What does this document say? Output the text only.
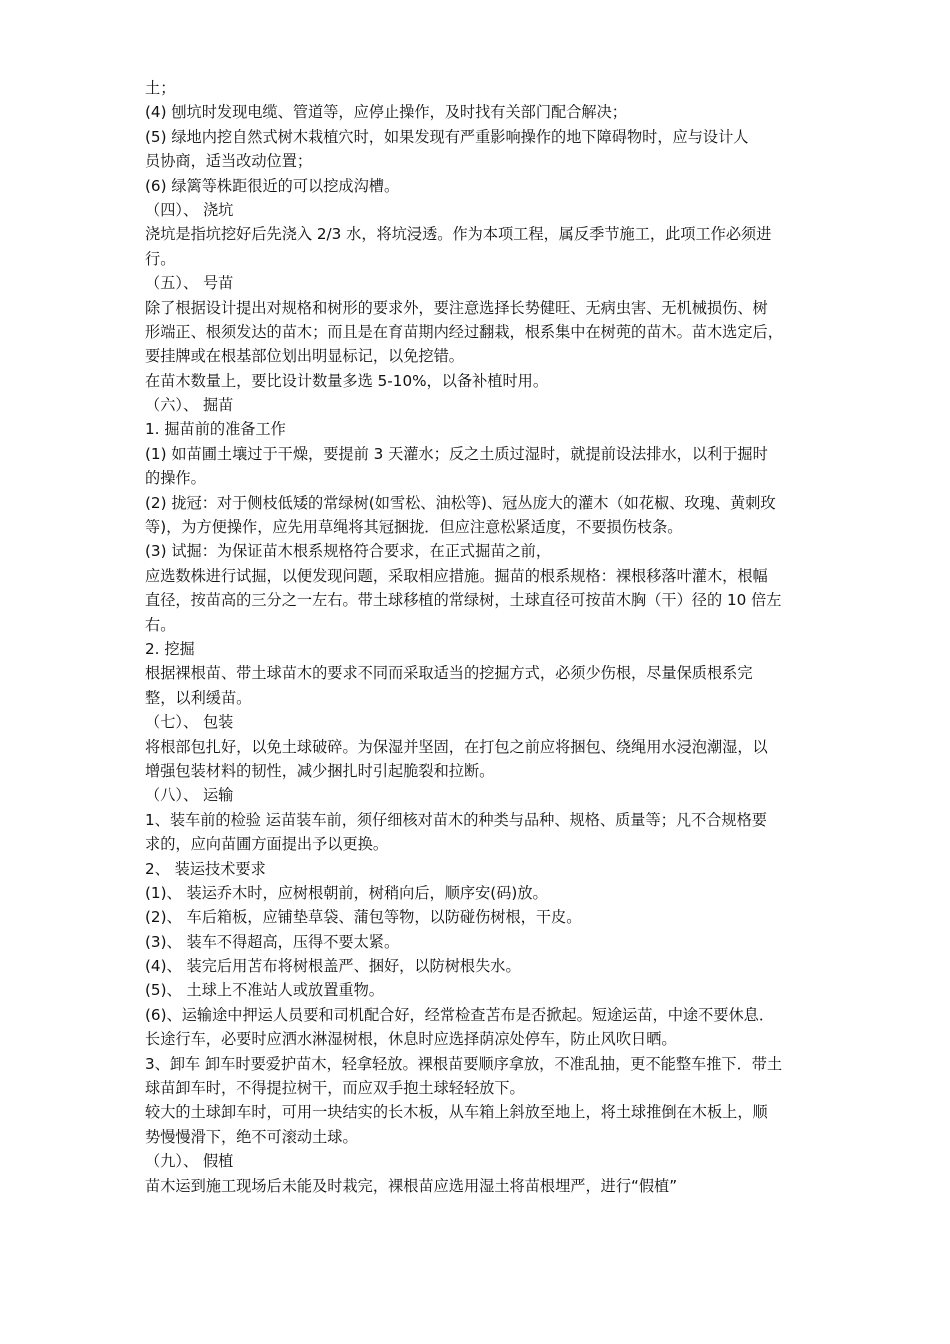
土；
(4) 刨坑时发现电缆、管道等，应停止操作，及时找有关部门配合解决；
(5) 绿地内挖自然式树木栽植穴时，如果发现有严重影响操作的地下障碍物时，应与设计人
员协商，适当改动位置；
(6) 绿篱等株距很近的可以挖成沟槽。
（四）、 浇坑
浇坑是指坑挖好后先浇入 2/3 水，将坑浸透。作为本项工程，属反季节施工，此项工作必须进
行。
（五）、 号苗
除了根据设计提出对规格和树形的要求外，要注意选择长势健旺、无病虫害、无机械损伤、树
形端正、根须发达的苗木；而且是在育苗期内经过翻栽，根系集中在树蔸的苗木。苗木选定后，
要挂牌或在根基部位划出明显标记，以免挖错。
在苗木数量上，要比设计数量多选 5-10%，以备补植时用。
（六）、 掘苗
1. 掘苗前的准备工作
(1) 如苗圃土壤过于干燥，要提前 3 天灌水；反之土质过湿时，就提前设法排水，以利于掘时
的操作。
(2) 拢冠：对于侧枝低矮的常绿树(如雪松、油松等)、冠丛庞大的灌木（如花椒、玫瑰、黄刺玫
等)，为方便操作，应先用草绳将其冠捆拢．但应注意松紧适度，不要损伤枝条。
(3) 试掘：为保证苗木根系规格符合要求，在正式掘苗之前，
应选数株进行试掘，以便发现问题，采取相应措施。掘苗的根系规格：裸根移落叶灌木，根幅
直径，按苗高的三分之一左右。带土球移植的常绿树，土球直径可按苗木胸（干）径的 10 倍左
右。
2. 挖掘
根据裸根苗、带土球苗木的要求不同而采取适当的挖掘方式，必须少伤根，尽量保质根系完
整，以利缓苗。
（七）、 包装
将根部包扎好，以免土球破碎。为保湿并坚固，在打包之前应将捆包、绕绳用水浸泡潮湿，以
增强包装材料的韧性，减少捆扎时引起脆裂和拉断。
（八）、 运输
1、装车前的检验 运苗装车前，须仔细核对苗木的种类与品种、规格、质量等；凡不合规格要
求的，应向苗圃方面提出予以更换。
2、 装运技术要求
(1)、 装运乔木时，应树根朝前，树稍向后，顺序安(码)放。
(2)、 车后箱板，应铺垫草袋、蒲包等物，以防碰伤树根，干皮。
(3)、 装车不得超高，压得不要太紧。
(4)、 装完后用苫布将树根盖严、捆好，以防树根失水。
(5)、 土球上不准站人或放置重物。
(6)、运输途中押运人员要和司机配合好，经常检查苫布是否掀起。短途运苗，中途不要休息．
长途行车，必要时应洒水淋湿树根，休息时应选择荫凉处停车，防止风吹日晒。
3、卸车 卸车时要爱护苗木，轻拿轻放。裸根苗要顺序拿放，不准乱抽，更不能整车推下．带土
球苗卸车时，不得提拉树干，而应双手抱土球轻轻放下。
较大的土球卸车时，可用一块结实的长木板，从车箱上斜放至地上，将土球推倒在木板上，顺
势慢慢滑下，绝不可滚动土球。
（九）、 假植
苗木运到施工现场后未能及时栽完，裸根苗应选用湿土将苗根埋严，进行“假植”
